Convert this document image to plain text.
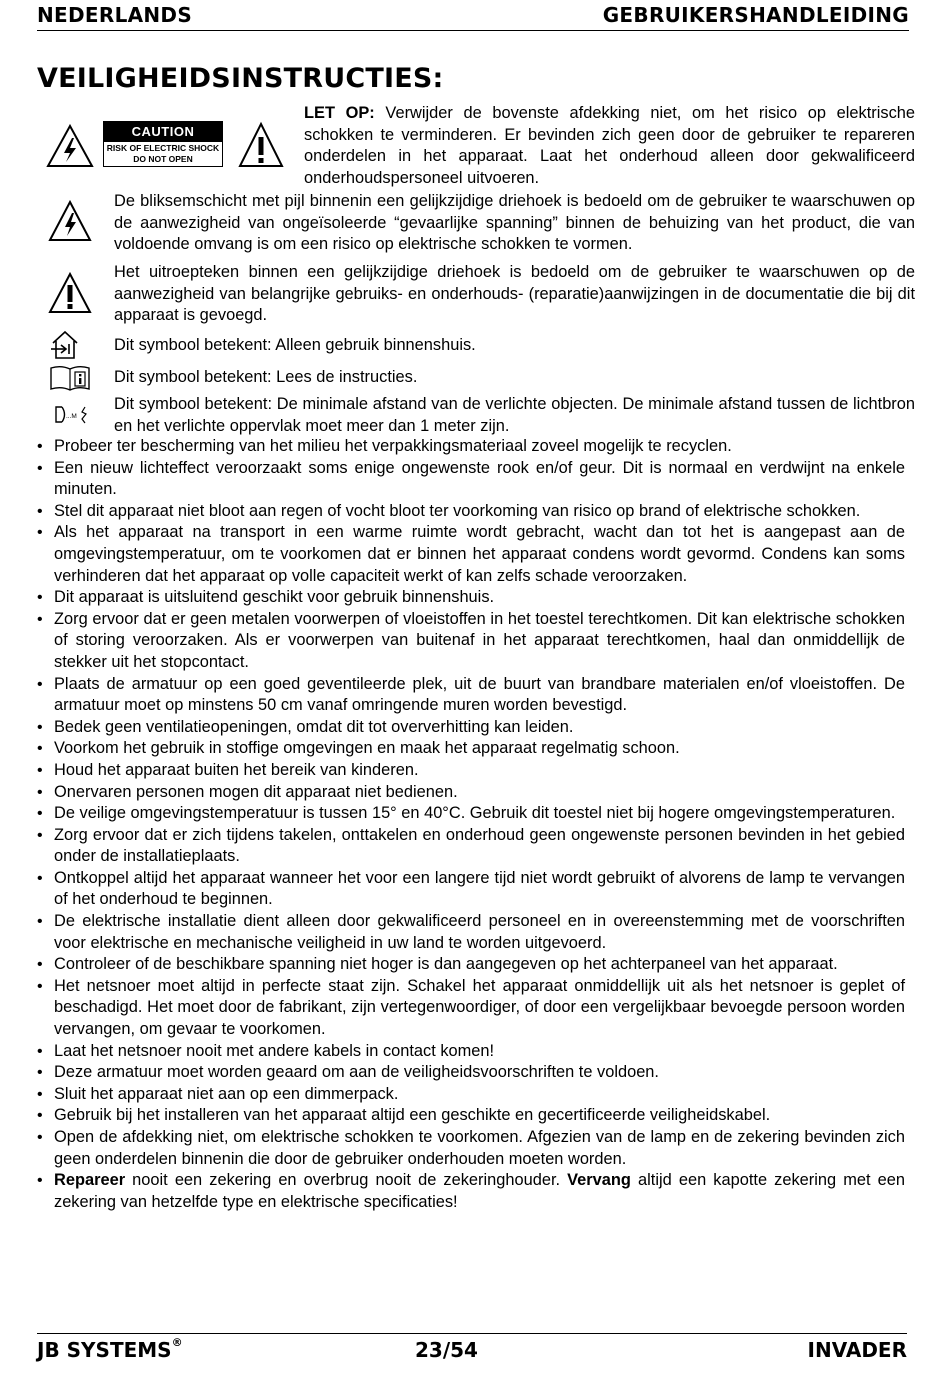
NEDERLANDS	GEBRUIKERSHANDLEIDING
VEILIGHEIDSINSTRUCTIES:
CAUTION
RISK OF ELECTRIC SHOCK
DO NOT OPEN
LET OP: Verwijder de bovenste afdekking niet, om het risico op elektrische schokken te verminderen. Er bevinden zich geen door de gebruiker te repareren onderdelen in het apparaat. Laat het onderhoud alleen door gekwalificeerd onderhoudspersoneel uitvoeren.
De bliksemschicht met pijl binnenin een gelijkzijdige driehoek is bedoeld om de gebruiker te waarschuwen op de aanwezigheid van ongeïsoleerde “gevaarlijke spanning” binnen de behuizing van het product, die van voldoende omvang is om een risico op elektrische schokken te vormen.
Het uitroepteken binnen een gelijkzijdige driehoek is bedoeld om de gebruiker te waarschuwen op de aanwezigheid van belangrijke gebruiks- en onderhouds- (reparatie)aanwijzingen in de documentatie die bij dit apparaat is gevoegd.
Dit symbool betekent: Alleen gebruik binnenshuis.
Dit symbool betekent: Lees de instructies.
...M
Dit symbool betekent: De minimale afstand van de verlichte objecten. De minimale afstand tussen de lichtbron en het verlichte oppervlak moet meer dan 1 meter zijn.
• Probeer ter bescherming van het milieu het verpakkingsmateriaal zoveel mogelijk te recyclen.
• Een nieuw lichteffect veroorzaakt soms enige ongewenste rook en/of geur. Dit is normaal en verdwijnt na enkele minuten.
• Stel dit apparaat niet bloot aan regen of vocht bloot ter voorkoming van risico op brand of elektrische schokken.
• Als het apparaat na transport in een warme ruimte wordt gebracht, wacht dan tot het is aangepast aan de omgevingstemperatuur, om te voorkomen dat er binnen het apparaat condens wordt gevormd. Condens kan soms verhinderen dat het apparaat op volle capaciteit werkt of kan zelfs schade veroorzaken.
• Dit apparaat is uitsluitend geschikt voor gebruik binnenshuis.
• Zorg ervoor dat er geen metalen voorwerpen of vloeistoffen in het toestel terechtkomen. Dit kan elektrische schokken of storing veroorzaken. Als er voorwerpen van buitenaf in het apparaat terechtkomen, haal dan onmiddellijk de stekker uit het stopcontact.
• Plaats de armatuur op een goed geventileerde plek, uit de buurt van brandbare materialen en/of vloeistoffen. De armatuur moet op minstens 50 cm vanaf omringende muren worden bevestigd.
• Bedek geen ventilatieopeningen, omdat dit tot oververhitting kan leiden.
• Voorkom het gebruik in stoffige omgevingen en maak het apparaat regelmatig schoon.
• Houd het apparaat buiten het bereik van kinderen.
• Onervaren personen mogen dit apparaat niet bedienen.
• De veilige omgevingstemperatuur is tussen 15° en 40°C. Gebruik dit toestel niet bij hogere omgevingstemperaturen.
• Zorg ervoor dat er zich tijdens takelen, onttakelen en onderhoud geen ongewenste personen bevinden in het gebied onder de installatieplaats.
• Ontkoppel altijd het apparaat wanneer het voor een langere tijd niet wordt gebruikt of alvorens de lamp te vervangen of het onderhoud te beginnen.
• De elektrische installatie dient alleen door gekwalificeerd personeel en in overeenstemming met de voorschriften voor elektrische en mechanische veiligheid in uw land te worden uitgevoerd.
• Controleer of de beschikbare spanning niet hoger is dan aangegeven op het achterpaneel van het apparaat.
• Het netsnoer moet altijd in perfecte staat zijn. Schakel het apparaat onmiddellijk uit als het netsnoer is geplet of beschadigd. Het moet door de fabrikant, zijn vertegenwoordiger, of door een vergelijkbaar bevoegde persoon worden vervangen, om gevaar te voorkomen.
• Laat het netsnoer nooit met andere kabels in contact komen!
• Deze armatuur moet worden geaard om aan de veiligheidsvoorschriften te voldoen.
• Sluit het apparaat niet aan op een dimmerpack.
• Gebruik bij het installeren van het apparaat altijd een geschikte en gecertificeerde veiligheidskabel.
• Open de afdekking niet, om elektrische schokken te voorkomen. Afgezien van de lamp en de zekering bevinden zich geen onderdelen binnenin die door de gebruiker onderhouden moeten worden.
• Repareer nooit een zekering en overbrug nooit de zekeringhouder. Vervang altijd een kapotte zekering met een zekering van hetzelfde type en elektrische specificaties!
JB SYSTEMS®	23/54	INVADER
